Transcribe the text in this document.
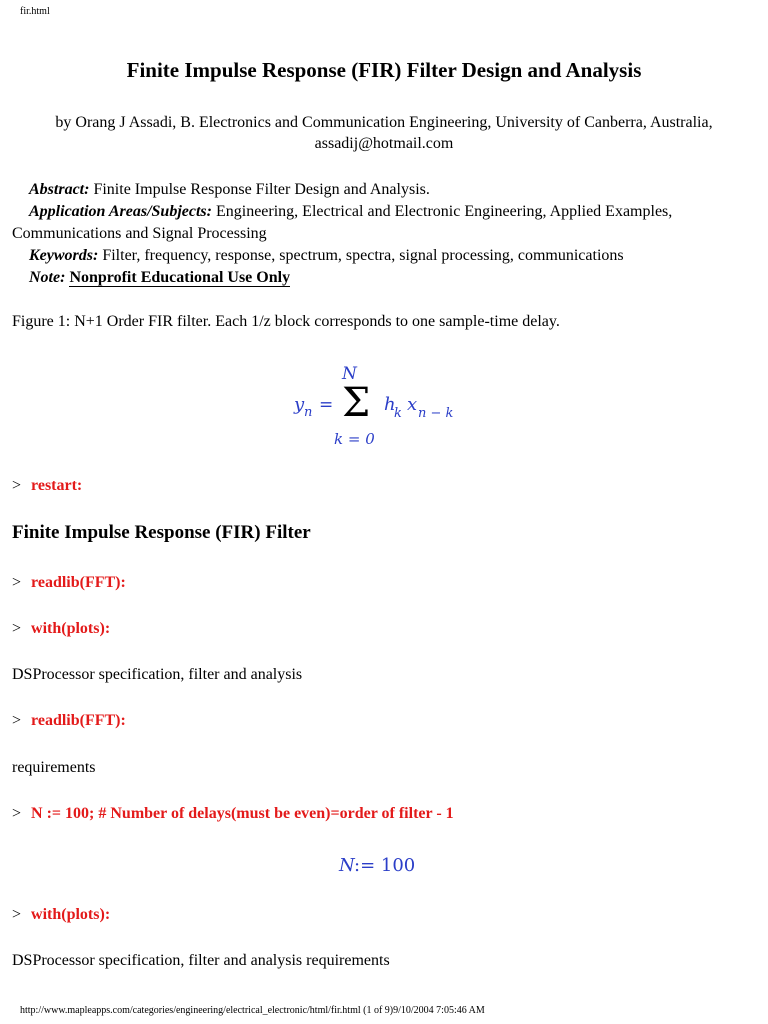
fir.html
Finite Impulse Response (FIR) Filter Design and Analysis
by Orang J Assadi, B. Electronics and Communication Engineering, University of Canberra, Australia,
assadij@hotmail.com
Abstract: Finite Impulse Response Filter Design and Analysis.
Application Areas/Subjects: Engineering, Electrical and Electronic Engineering, Applied Examples,
Communications and Signal Processing
Keywords: Filter, frequency, response, spectrum, spectra, signal processing, communications
Note: Nonprofit Educational Use Only
Figure 1: N+1 Order FIR filter. Each 1/z block corresponds to one sample-time delay.
N
y n = Σ h
k x n − k
k = 0
> restart:
Finite Impulse Response (FIR) Filter
> readlib(FFT):
> with(plots):
DSProcessor specification, filter and analysis
> readlib(FFT):
requirements
> N := 100; # Number of delays(must be even)=order of filter - 1
N := 100
> with(plots):
DSProcessor specification, filter and analysis requirements
http://www.mapleapps.com/categories/engineering/electrical_electronic/html/fir.html (1 of 9)9/10/2004 7:05:46 AM
